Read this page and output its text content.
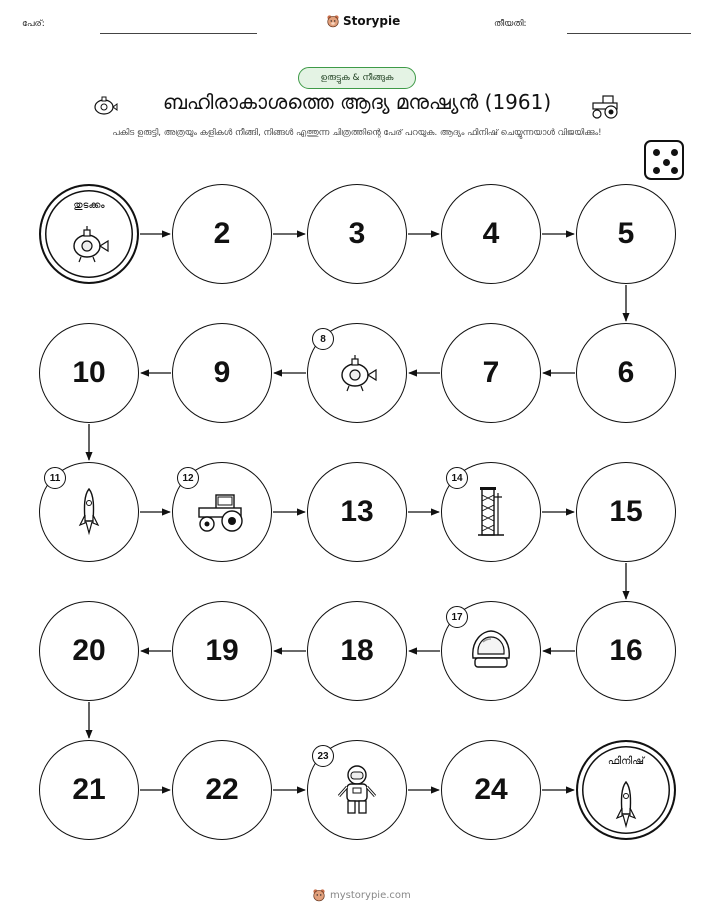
പേര്:	Storypie	തീയതി:
ഉരുട്ടുക & നീങ്ങുക
ബഹിരാകാശത്തെ ആദ്യ മനുഷ്യൻ (1961)
പകിട ഉരുട്ടി, അത്രയും കളികൾ നീങ്ങി, നിങ്ങൾ എത്തുന്ന ചിത്രത്തിന്റെ പേര് പറയുക. ആദ്യം ഫിനിഷ് ചെയ്യുന്നയാൾ വിജയിക്കും!
തുടക്കം
2	3	4	5
6
7
8
9
10
11	12
13
14
15
16
17
18
19
20
21	22
23
24
ഫിനിഷ്
mystorypie.com
